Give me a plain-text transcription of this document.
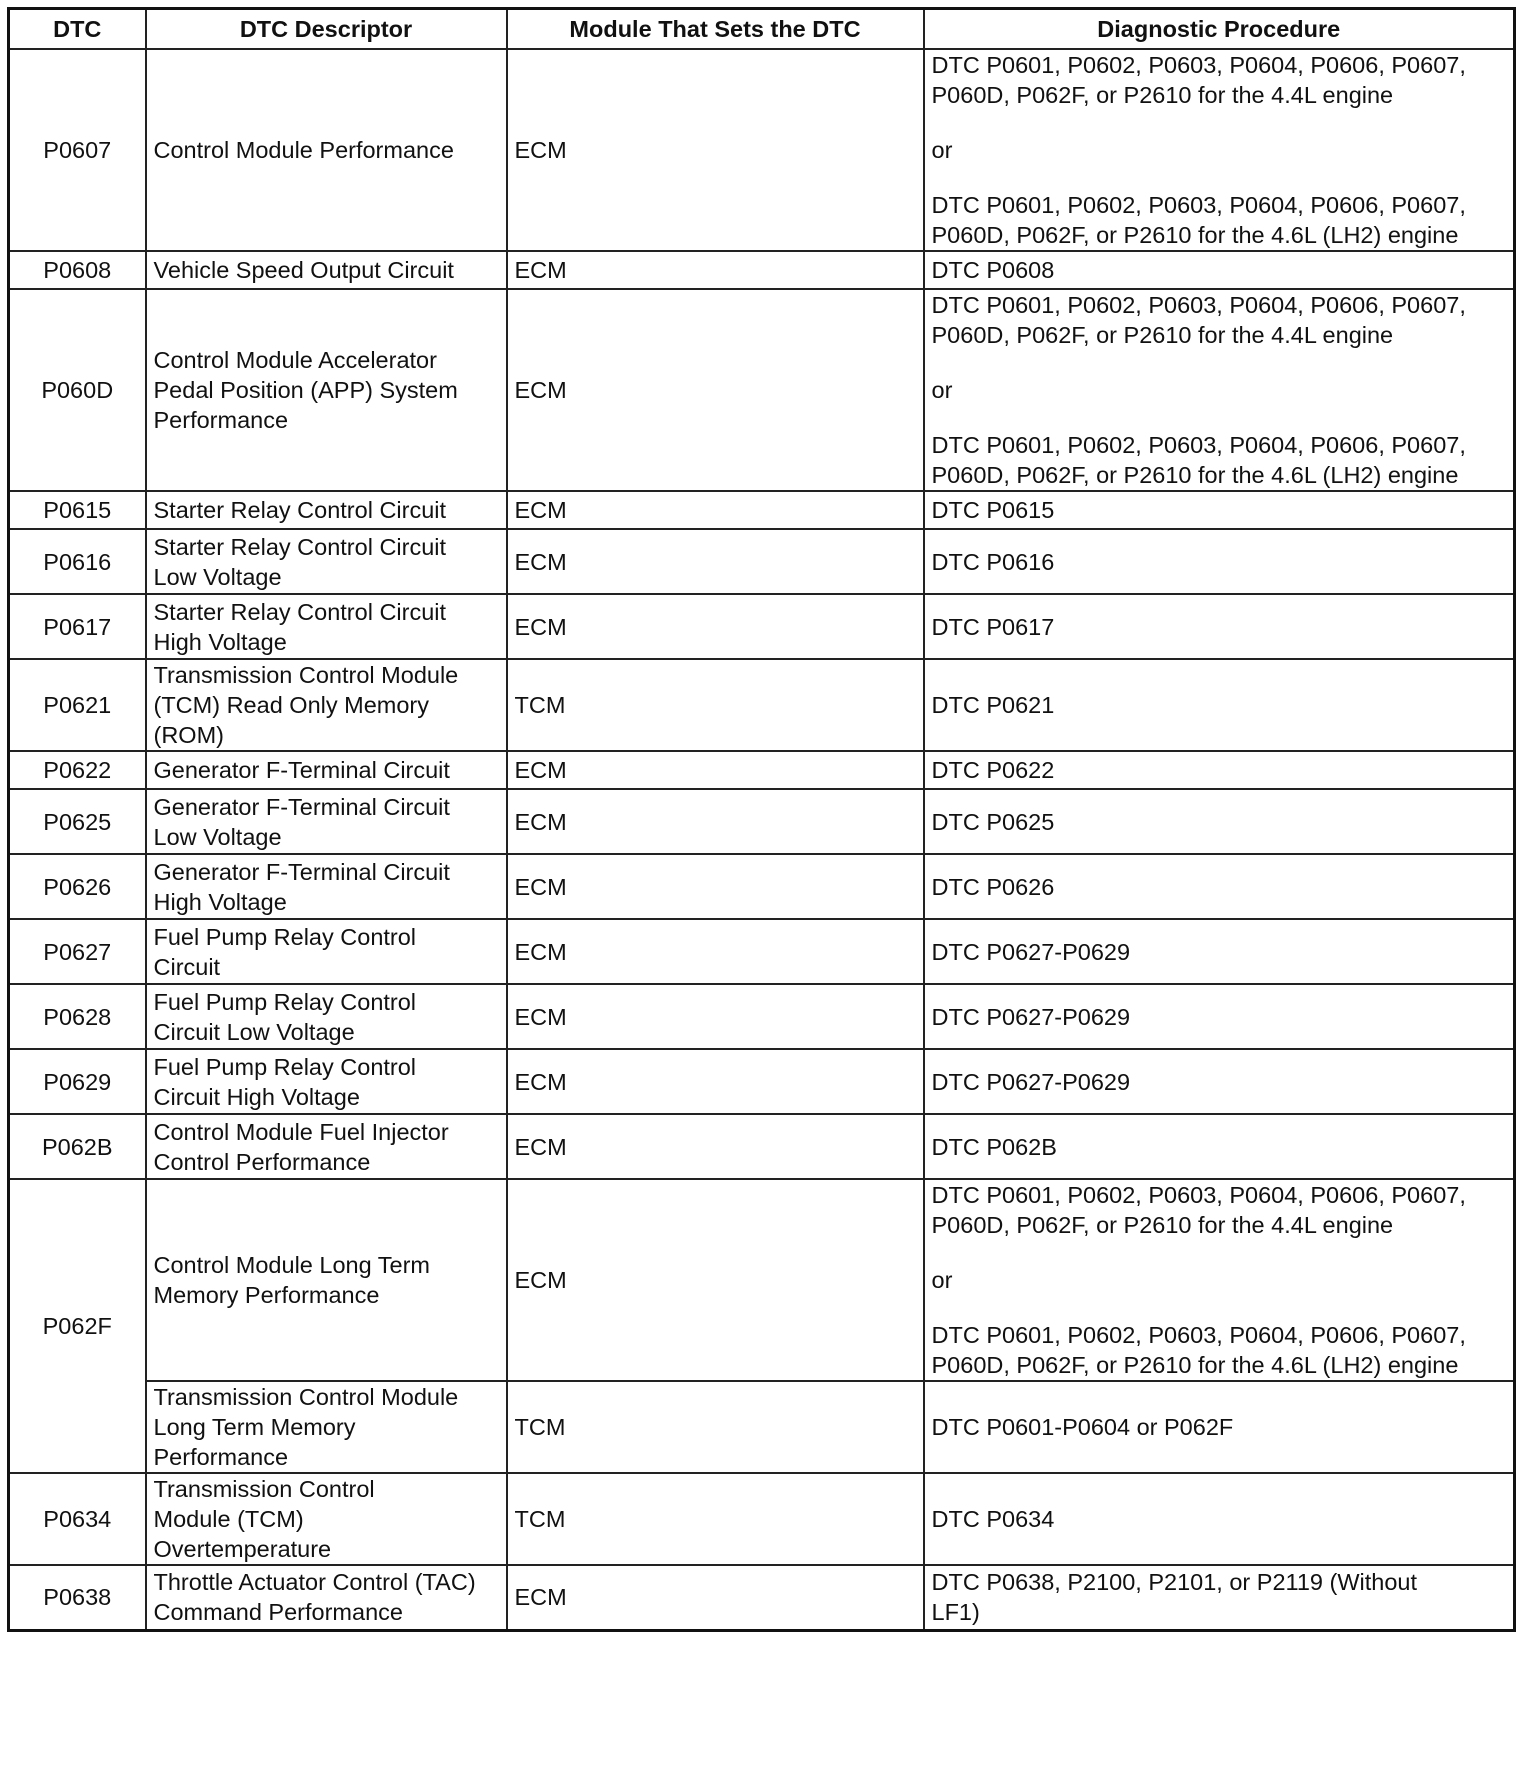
DTC	DTC Descriptor	Module That Sets the DTC	Diagnostic Procedure
P0607	Control Module Performance	ECM	DTC P0601, P0602, P0603, P0604, P0606, P0607,
P060D, P062F, or P2610 for the 4.4L engine
or
DTC P0601, P0602, P0603, P0604, P0606, P0607,
P060D, P062F, or P2610 for the 4.6L (LH2) engine

P0608	Vehicle Speed Output Circuit	ECM	DTC P0608

P060D	Control Module Accelerator
Pedal Position (APP) System
Performance	ECM	DTC P0601, P0602, P0603, P0604, P0606, P0607,
P060D, P062F, or P2610 for the 4.4L engine
or
DTC P0601, P0602, P0603, P0604, P0606, P0607,
P060D, P062F, or P2610 for the 4.6L (LH2) engine

P0615	Starter Relay Control Circuit	ECM	DTC P0615

P0616	Starter Relay Control Circuit
Low Voltage	ECM	DTC P0616

P0617	Starter Relay Control Circuit
High Voltage	ECM	DTC P0617

P0621	Transmission Control Module
(TCM) Read Only Memory
(ROM)	TCM	DTC P0621

P0622	Generator F-Terminal Circuit	ECM	DTC P0622

P0625	Generator F-Terminal Circuit
Low Voltage	ECM	DTC P0625

P0626	Generator F-Terminal Circuit
High Voltage	ECM	DTC P0626

P0627	Fuel Pump Relay Control
Circuit	ECM	DTC P0627-P0629

P0628	Fuel Pump Relay Control
Circuit Low Voltage	ECM	DTC P0627-P0629

P0629	Fuel Pump Relay Control
Circuit High Voltage	ECM	DTC P0627-P0629

P062B	Control Module Fuel Injector
Control Performance	ECM	DTC P062B

P062F	Control Module Long Term
Memory Performance	ECM	DTC P0601, P0602, P0603, P0604, P0606, P0607,
P060D, P062F, or P2610 for the 4.4L engine
or
DTC P0601, P0602, P0603, P0604, P0606, P0607,
P060D, P062F, or P2610 for the 4.6L (LH2) engine

	Transmission Control Module
Long Term Memory
Performance	TCM	DTC P0601-P0604 or P062F

P0634	Transmission Control
Module (TCM)
Overtemperature	TCM	DTC P0634

P0638	Throttle Actuator Control (TAC)
Command Performance	ECM	DTC P0638, P2100, P2101, or P2119 (Without
LF1)
